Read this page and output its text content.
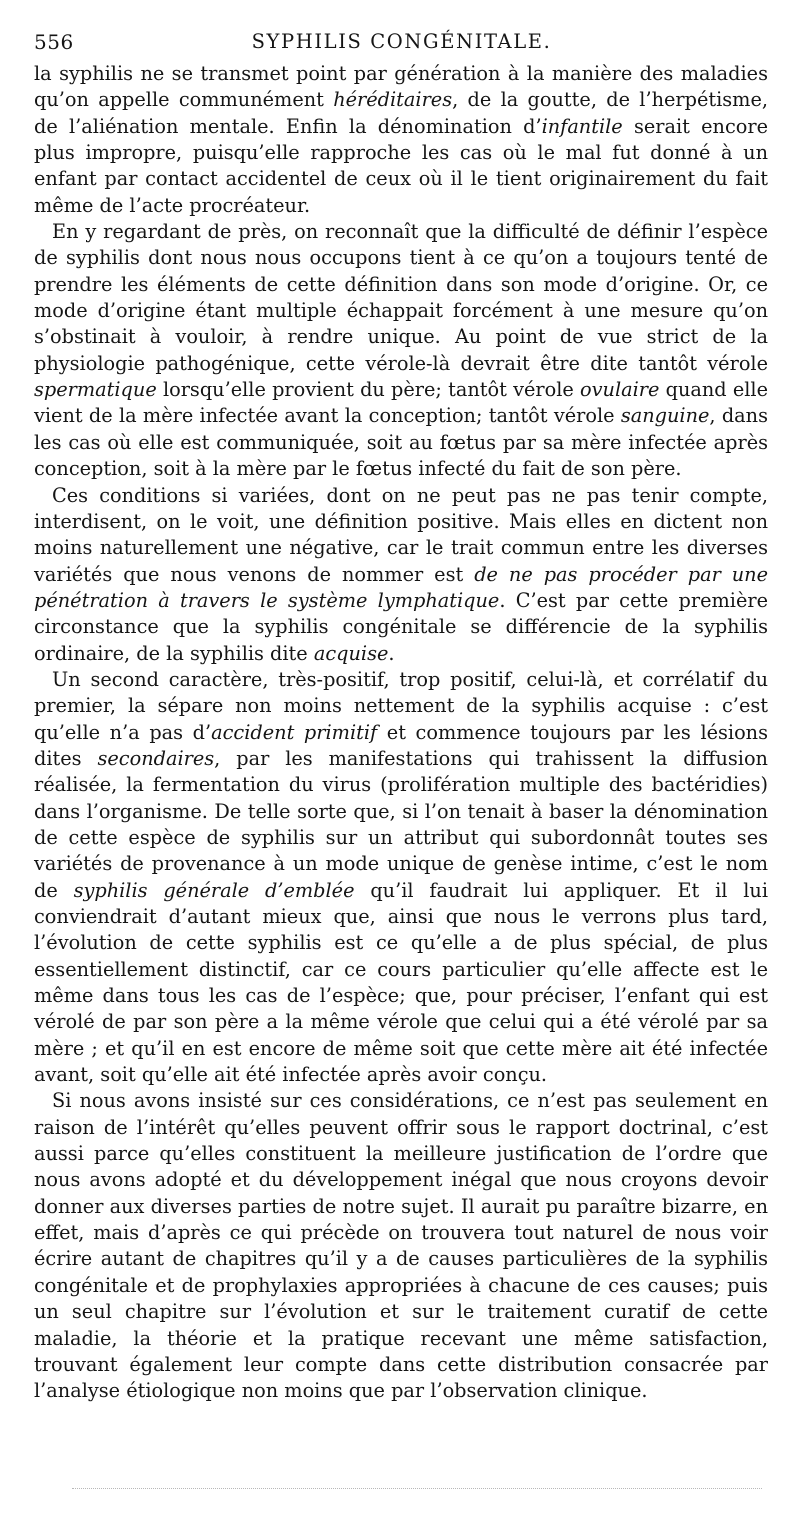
556	SYPHILIS CONGÉNITALE.

la syphilis ne se transmet point par génération à la manière des maladies qu’on appelle communément héréditaires, de la goutte, de l’herpétisme, de l’aliénation mentale. Enfin la dénomination d’infantile serait encore plus impropre, puisqu’elle rapproche les cas où le mal fut donné à un enfant par contact accidentel de ceux où il le tient originairement du fait même de l’acte procréateur.

En y regardant de près, on reconnaît que la difficulté de définir l’espèce de syphilis dont nous nous occupons tient à ce qu’on a toujours tenté de prendre les éléments de cette définition dans son mode d’origine. Or, ce mode d’origine étant multiple échappait forcément à une mesure qu’on s’obstinait à vouloir, à rendre unique. Au point de vue strict de la physiologie pathogénique, cette vérole-là devrait être dite tantôt vérole spermatique lorsqu’elle provient du père; tantôt vérole ovulaire quand elle vient de la mère infectée avant la conception; tantôt vérole sanguine, dans les cas où elle est communiquée, soit au fœtus par sa mère infectée après conception, soit à la mère par le fœtus infecté du fait de son père.

Ces conditions si variées, dont on ne peut pas ne pas tenir compte, interdisent, on le voit, une définition positive. Mais elles en dictent non moins naturellement une négative, car le trait commun entre les diverses variétés que nous venons de nommer est de ne pas procéder par une pénétration à travers le système lymphatique. C’est par cette première circonstance que la syphilis congénitale se différencie de la syphilis ordinaire, de la syphilis dite acquise.

Un second caractère, très-positif, trop positif, celui-là, et corrélatif du premier, la sépare non moins nettement de la syphilis acquise : c’est qu’elle n’a pas d’accident primitif et commence toujours par les lésions dites secondaires, par les manifestations qui trahissent la diffusion réalisée, la fermentation du virus (prolifération multiple des bactéridies) dans l’organisme. De telle sorte que, si l’on tenait à baser la dénomination de cette espèce de syphilis sur un attribut qui subordonnât toutes ses variétés de provenance à un mode unique de genèse intime, c’est le nom de syphilis générale d’emblée qu’il faudrait lui appliquer. Et il lui conviendrait d’autant mieux que, ainsi que nous le verrons plus tard, l’évolution de cette syphilis est ce qu’elle a de plus spécial, de plus essentiellement distinctif, car ce cours particulier qu’elle affecte est le même dans tous les cas de l’espèce; que, pour préciser, l’enfant qui est vérolé de par son père a la même vérole que celui qui a été vérolé par sa mère ; et qu’il en est encore de même soit que cette mère ait été infectée avant, soit qu’elle ait été infectée après avoir conçu.

Si nous avons insisté sur ces considérations, ce n’est pas seulement en raison de l’intérêt qu’elles peuvent offrir sous le rapport doctrinal, c’est aussi parce qu’elles constituent la meilleure justification de l’ordre que nous avons adopté et du développement inégal que nous croyons devoir donner aux diverses parties de notre sujet. Il aurait pu paraître bizarre, en effet, mais d’après ce qui précède on trouvera tout naturel de nous voir écrire autant de chapitres qu’il y a de causes particulières de la syphilis congénitale et de prophylaxies appropriées à chacune de ces causes; puis un seul chapitre sur l’évolution et sur le traitement curatif de cette maladie, la théorie et la pratique recevant une même satisfaction, trouvant également leur compte dans cette distribution consacrée par l’analyse étiologique non moins que par l’observation clinique.
